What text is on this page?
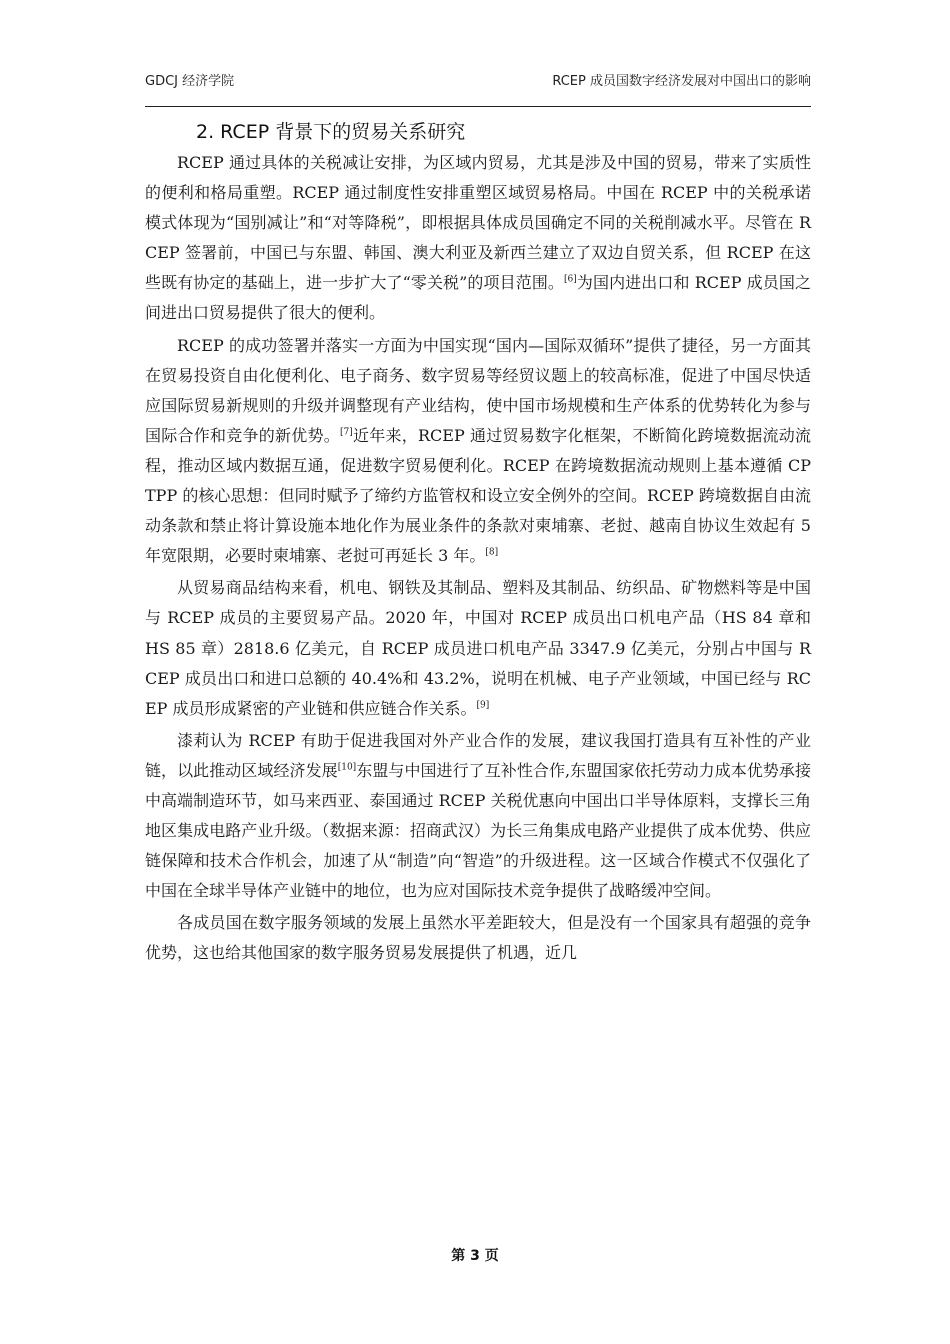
GDCJ 经济学院	RCEP 成员国数字经济发展对中国出口的影响
2. RCEP 背景下的贸易关系研究

RCEP 通过具体的关税减让安排，为区域内贸易，尤其是涉及中国的贸易，带来了实质性的便利和格局重塑。RCEP 通过制度性安排重塑区域贸易格局。中国在 RCEP 中的关税承诺模式体现为“国别减让”和“对等降税”，即根据具体成员国确定不同的关税削减水平。尽管在 RCEP 签署前，中国已与东盟、韩国、澳大利亚及新西兰建立了双边自贸关系，但 RCEP 在这些既有协定的基础上，进一步扩大了“零关税”的项目范围。[6]为国内进出口和 RCEP 成员国之间进出口贸易提供了很大的便利。

RCEP 的成功签署并落实一方面为中国实现“国内—国际双循环”提供了捷径，另一方面其在贸易投资自由化便利化、电子商务、数字贸易等经贸议题上的较高标准，促进了中国尽快适应国际贸易新规则的升级并调整现有产业结构，使中国市场规模和生产体系的优势转化为参与国际合作和竞争的新优势。[7]近年来，RCEP 通过贸易数字化框架，不断简化跨境数据流动流程，推动区域内数据互通，促进数字贸易便利化。RCEP 在跨境数据流动规则上基本遵循 CPTPP 的核心思想：但同时赋予了缔约方监管权和设立安全例外的空间。RCEP 跨境数据自由流动条款和禁止将计算设施本地化作为展业条件的条款对柬埔寨、老挝、越南自协议生效起有 5 年宽限期，必要时柬埔寨、老挝可再延长 3 年。[8]

从贸易商品结构来看，机电、钢铁及其制品、塑料及其制品、纺织品、矿物燃料等是中国与 RCEP 成员的主要贸易产品。2020 年，中国对 RCEP 成员出口机电产品（HS 84 章和 HS 85 章）2818.6 亿美元，自 RCEP 成员进口机电产品 3347.9 亿美元，分别占中国与 RCEP 成员出口和进口总额的 40.4%和 43.2%，说明在机械、电子产业领域，中国已经与 RCEP 成员形成紧密的产业链和供应链合作关系。[9]

漆莉认为 RCEP 有助于促进我国对外产业合作的发展，建议我国打造具有互补性的产业链，以此推动区域经济发展[10]东盟与中国进行了互补性合作,东盟国家依托劳动力成本优势承接中高端制造环节，如马来西亚、泰国通过 RCEP 关税优惠向中国出口半导体原料，支撑长三角地区集成电路产业升级。（数据来源：招商武汉）为长三角集成电路产业提供了成本优势、供应链保障和技术合作机会，加速了从“制造”向“智造”的升级进程。这一区域合作模式不仅强化了中国在全球半导体产业链中的地位，也为应对国际技术竞争提供了战略缓冲空间。

各成员国在数字服务领域的发展上虽然水平差距较大，但是没有一个国家具有超强的竞争优势，这也给其他国家的数字服务贸易发展提供了机遇，近几

第 3 页
